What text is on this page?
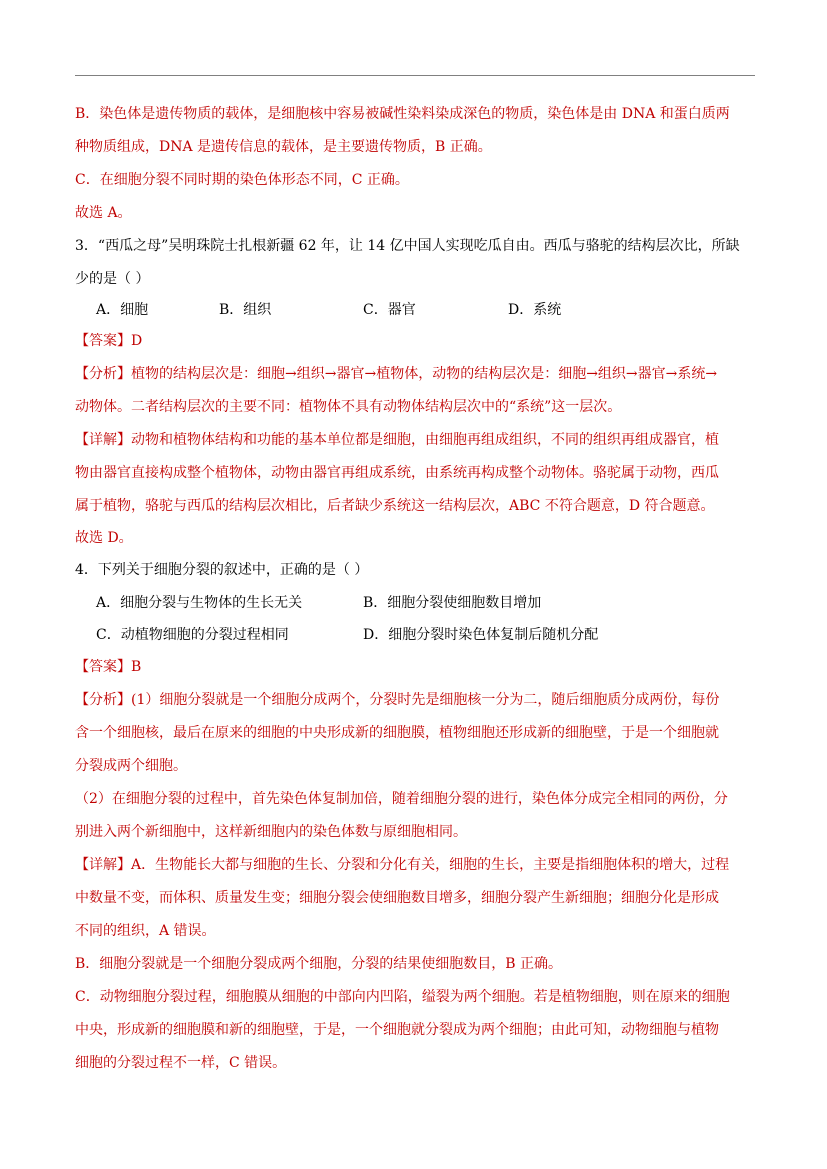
B．染色体是遗传物质的载体，是细胞核中容易被碱性染料染成深色的物质，染色体是由 DNA 和蛋白质两
种物质组成，DNA 是遗传信息的载体，是主要遗传物质，B 正确。
C．在细胞分裂不同时期的染色体形态不同，C 正确。
故选 A。
3．“西瓜之母”吴明珠院士扎根新疆 62 年，让 14 亿中国人实现吃瓜自由。西瓜与骆驼的结构层次比，所缺
少的是（ ）
A．细胞	B．组织	C．器官	D．系统
【答案】D
【分析】植物的结构层次是：细胞→组织→器官→植物体，动物的结构层次是：细胞→组织→器官→系统→
动物体。二者结构层次的主要不同：植物体不具有动物体结构层次中的“系统”这一层次。
【详解】动物和植物体结构和功能的基本单位都是细胞，由细胞再组成组织，不同的组织再组成器官，植
物由器官直接构成整个植物体，动物由器官再组成系统，由系统再构成整个动物体。骆驼属于动物，西瓜
属于植物，骆驼与西瓜的结构层次相比，后者缺少系统这一结构层次，ABC 不符合题意，D 符合题意。
故选 D。
4．下列关于细胞分裂的叙述中，正确的是（ ）
A．细胞分裂与生物体的生长无关	B．细胞分裂使细胞数目增加
C．动植物细胞的分裂过程相同	D．细胞分裂时染色体复制后随机分配
【答案】B
【分析】(1）细胞分裂就是一个细胞分成两个，分裂时先是细胞核一分为二，随后细胞质分成两份，每份
含一个细胞核，最后在原来的细胞的中央形成新的细胞膜，植物细胞还形成新的细胞壁，于是一个细胞就
分裂成两个细胞。
（2）在细胞分裂的过程中，首先染色体复制加倍，随着细胞分裂的进行，染色体分成完全相同的两份，分
别进入两个新细胞中，这样新细胞内的染色体数与原细胞相同。
【详解】A．生物能长大都与细胞的生长、分裂和分化有关，细胞的生长，主要是指细胞体积的增大，过程
中数量不变，而体积、质量发生变；细胞分裂会使细胞数目增多，细胞分裂产生新细胞；细胞分化是形成
不同的组织，A 错误。
B．细胞分裂就是一个细胞分裂成两个细胞，分裂的结果使细胞数目，B 正确。
C．动物细胞分裂过程，细胞膜从细胞的中部向内凹陷，缢裂为两个细胞。若是植物细胞，则在原来的细胞
中央，形成新的细胞膜和新的细胞壁，于是，一个细胞就分裂成为两个细胞；由此可知，动物细胞与植物
细胞的分裂过程不一样，C 错误。
